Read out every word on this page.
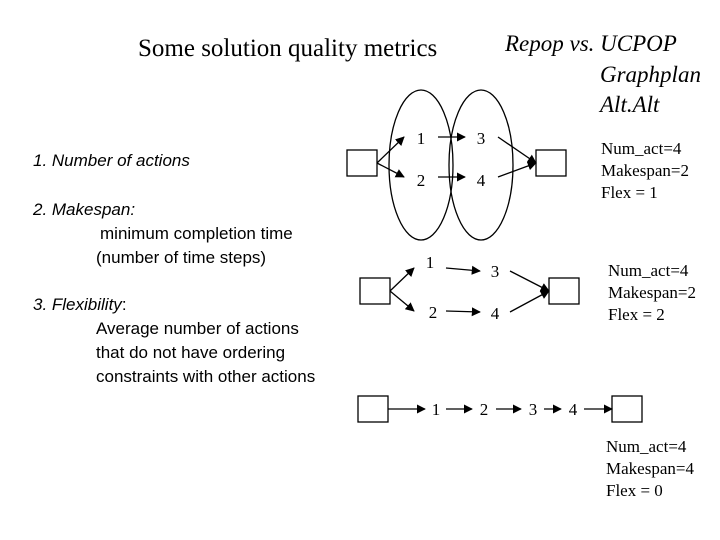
Some solution quality metrics	Repop vs. UCPOP
Graphplan
Alt.Alt
1. Number of actions
2. Makespan:
minimum completion time
(number of time steps)
3. Flexibility:
Average number of actions
that do not have ordering
constraints with other actions
1
2
3
4
1
2
3
4
1 2 3 4
Num_act=4
Makespan=2
Flex = 1
Num_act=4
Makespan=2
Flex = 2
Num_act=4
Makespan=4
Flex = 0
